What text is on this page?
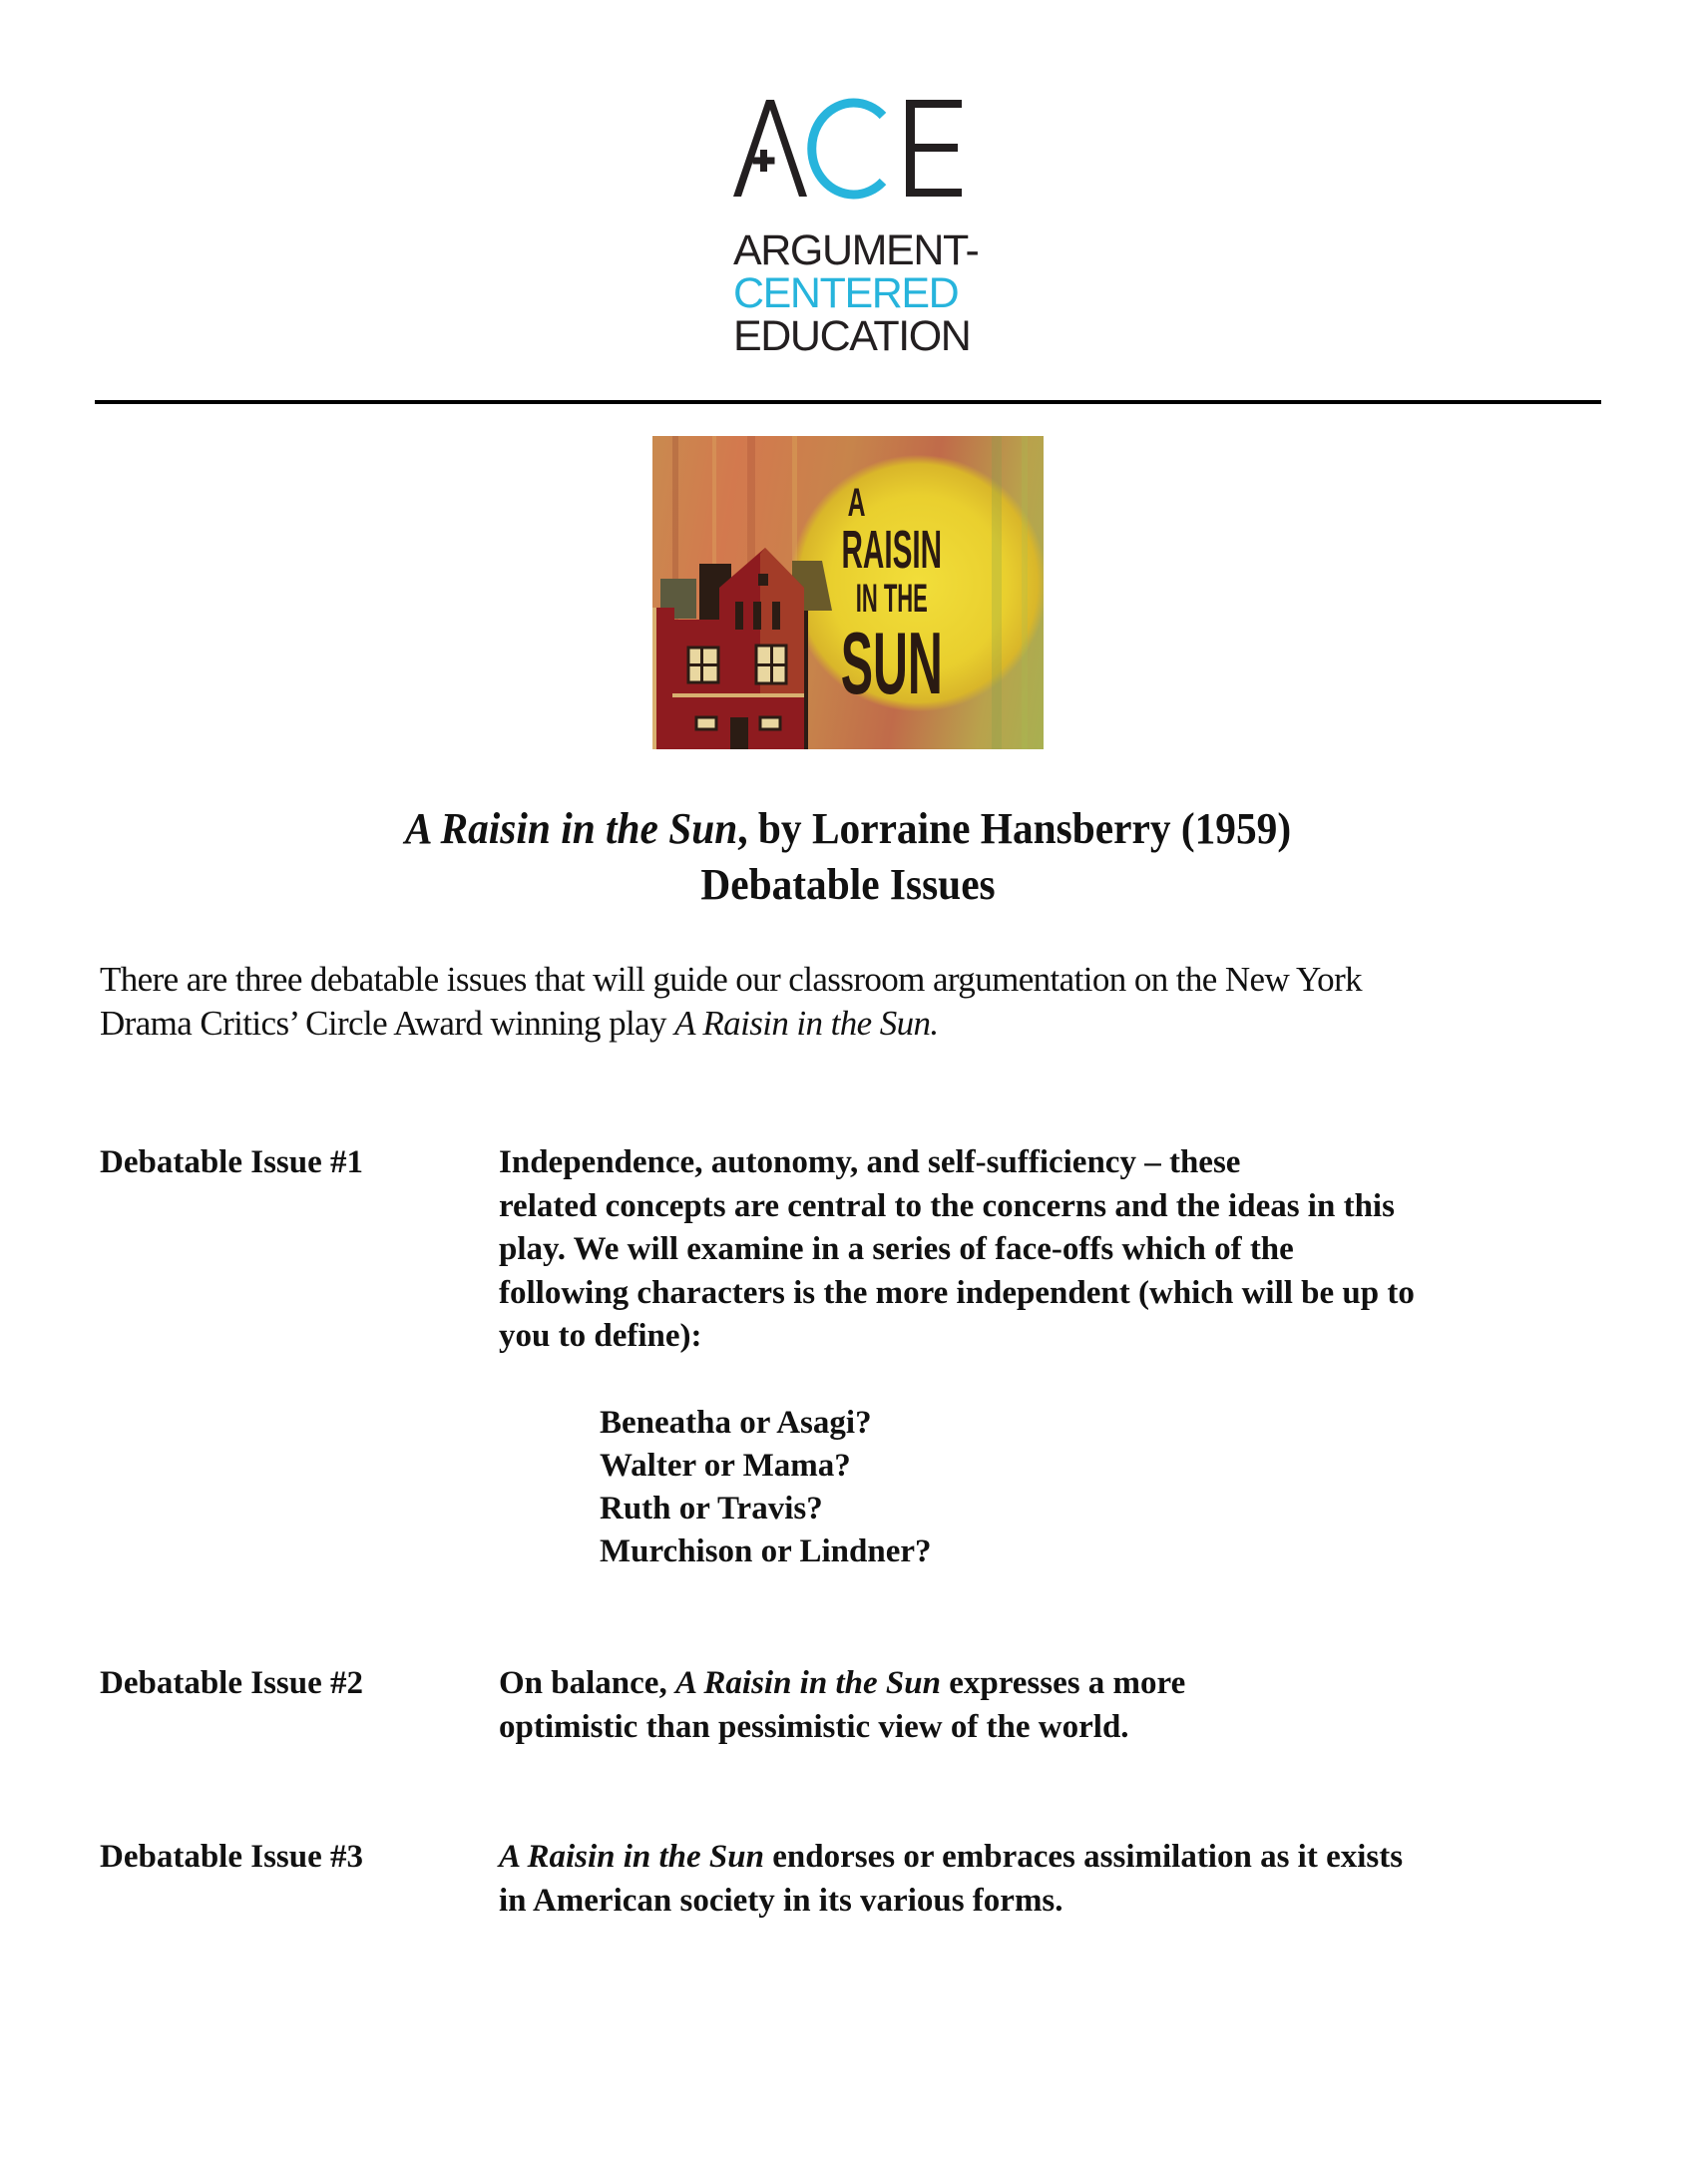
ARGUMENT-
CENTERED
EDUCATION
A
RAISIN
IN THE
SUN
A Raisin in the Sun, by Lorraine Hansberry (1959)
Debatable Issues
There are three debatable issues that will guide our classroom argumentation on the New York
Drama Critics’ Circle Award winning play A Raisin in the Sun.
Debatable Issue #1	Independence, autonomy, and self-sufficiency – these
related concepts are central to the concerns and the ideas in this
play. We will examine in a series of face-offs which of the
following characters is the more independent (which will be up to
you to define):
Beneatha or Asagi?
Walter or Mama?
Ruth or Travis?
Murchison or Lindner?
Debatable Issue #2	On balance, A Raisin in the Sun expresses a more
optimistic than pessimistic view of the world.
Debatable Issue #3	A Raisin in the Sun endorses or embraces assimilation as it exists
in American society in its various forms.
